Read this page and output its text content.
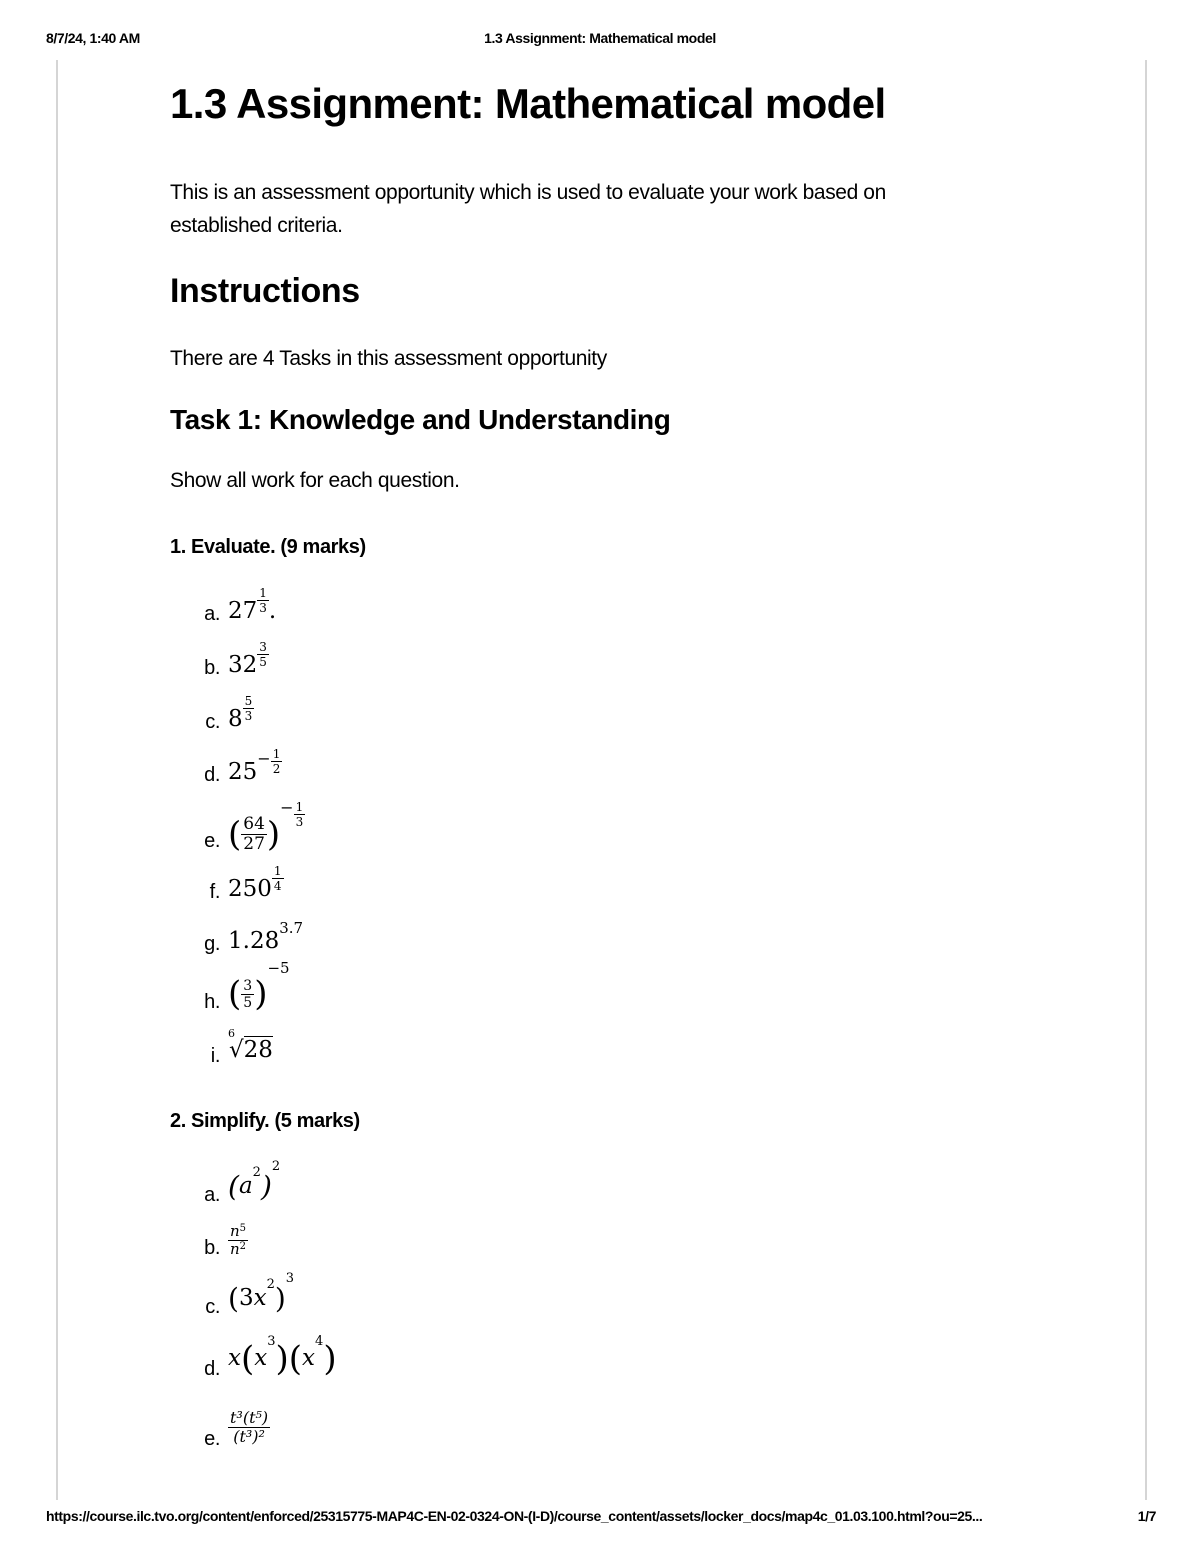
8/7/24, 1:40 AM	1.3 Assignment: Mathematical model
1.3 Assignment: Mathematical model
This is an assessment opportunity which is used to evaluate your work based on established criteria.
Instructions
There are 4 Tasks in this assessment opportunity
Task 1: Knowledge and Understanding
Show all work for each question.
1. Evaluate. (9 marks)
a. $27 \frac{1}{3}$ .
b. $32 \frac{3}{5}$
c. $8 \frac{5}{3}$
d. $25^- \frac{1}{2}$
e. ( $\frac{64}{27} )^- \frac{1}{3}$
f. $250 \frac{1}{4}$
g. $1.28^{3.7}$
h. ( $\frac{3}{5} )^{-5}$
i.
$^6$√28
2. Simplify. (5 marks)
a. $(a^2)^2$
b. $\frac{n^5}{n^2}$
c. $(3x^2)^3$
d. $x(x^3)(x^4)$
e. $\frac{\text{t³(t⁵)}}{\text{(t³)²}}$
https://course.ilc.tvo.org/content/enforced/25315775-MAP4C-EN-02-0324-ON-(I-D)/course_content/assets/locker_docs/map4c_01.03.100.html?ou=25...	1/7
